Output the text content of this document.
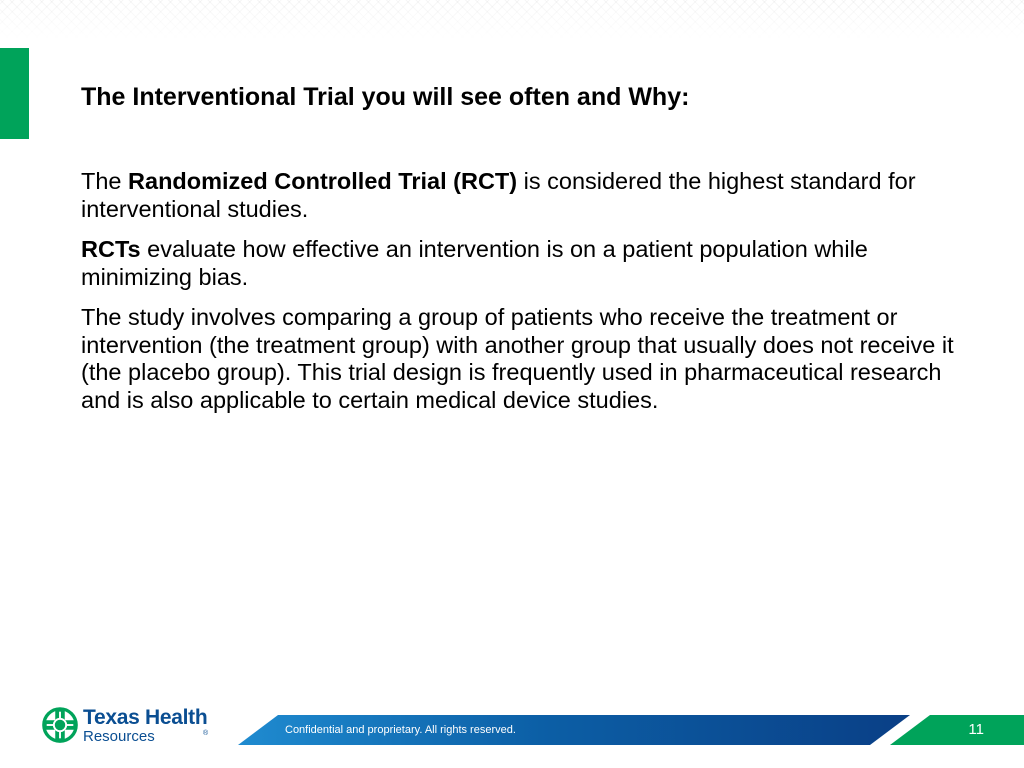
The Interventional Trial you will see often and Why:

The Randomized Controlled Trial (RCT) is considered the highest standard for interventional studies.

RCTs evaluate how effective an intervention is on a patient population while minimizing bias.

The study involves comparing a group of patients who receive the treatment or intervention (the treatment group) with another group that usually does not receive it (the placebo group). This trial design is frequently used in pharmaceutical research and is also applicable to certain medical device studies.

Texas Health
Resources	®	Confidential and proprietary. All rights reserved.	11
